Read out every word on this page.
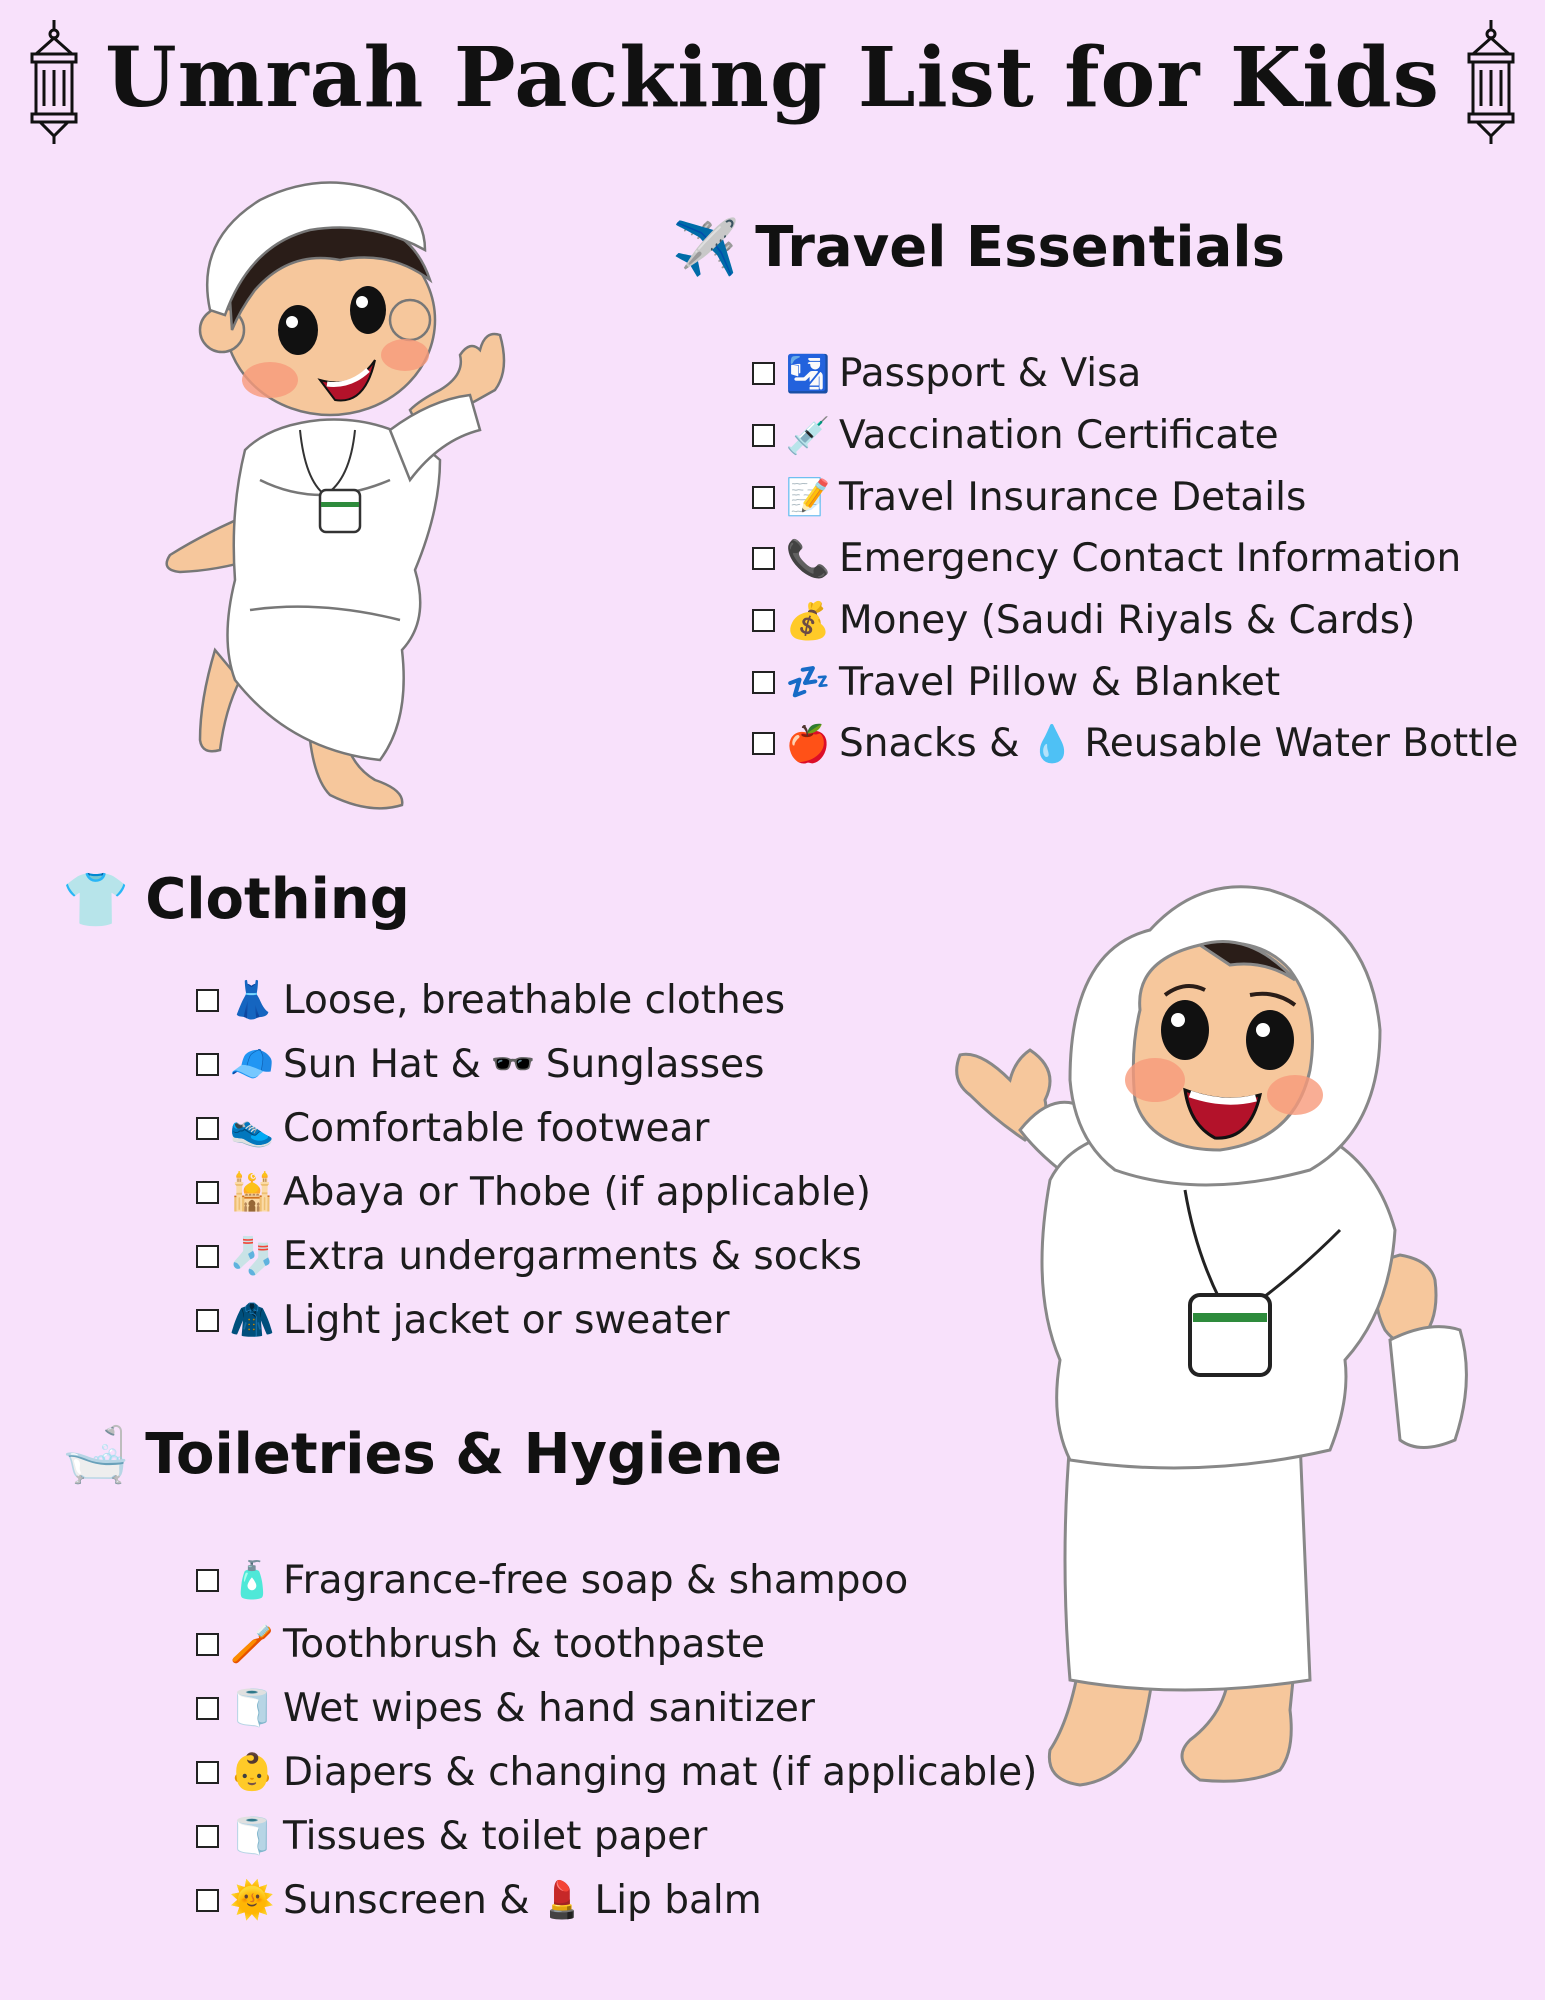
Umrah Packing List for Kids
✈️ Travel Essentials
🛂 Passport & Visa
💉 Vaccination Certificate
📝 Travel Insurance Details
📞 Emergency Contact Information
💰 Money (Saudi Riyals & Cards)
💤 Travel Pillow & Blanket
🍎 Snacks & 💧 Reusable Water Bottle
👕 Clothing
👗 Loose, breathable clothes
🧢 Sun Hat & 🕶️ Sunglasses
👟 Comfortable footwear
🕌 Abaya or Thobe (if applicable)
🧦 Extra undergarments & socks
🧥 Light jacket or sweater
🛁 Toiletries & Hygiene
🧴 Fragrance-free soap & shampoo
🪥 Toothbrush & toothpaste
🧻 Wet wipes & hand sanitizer
👶 Diapers & changing mat (if applicable)
🧻 Tissues & toilet paper
🌞 Sunscreen & 💄 Lip balm
